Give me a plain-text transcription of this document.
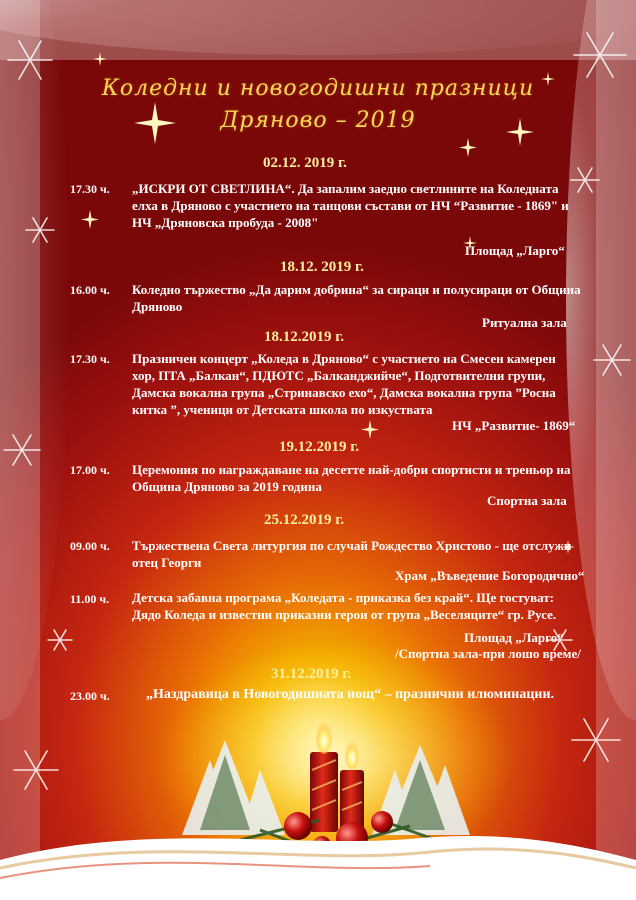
Коледни и новогодишни празници
Дряново – 2019
02.12. 2019 г.
17.30 ч. „ИСКРИ ОТ СВЕТЛИНА“. Да запалим заедно светлините на Коледната елха в Дряново с участието на танцови състави от НЧ “Развитие - 1869" и НЧ „Дряновска пробуда - 2008"
Площад „Ларго“
18.12. 2019 г.
16.00 ч. Коледно тържество „Да дарим добрина“ за сираци и полусираци от Община Дряново
Ритуална зала
18.12.2019 г.
17.30 ч. Празничен концерт „Коледа в Дряново“ с участието на Смесен камерен хор, ПТА „Балкан“, ПДЮТС „Балканджийче“, Подготвителни групи, Дамска вокална група „Стринавско ехо“, Дамска вокална група ”Росна китка ”, ученици от Детската школа по изкуствата
НЧ „Развитие- 1869“
19.12.2019 г.
17.00 ч. Церемония по награждаване на десетте най-добри спортисти и треньор на Община Дряново за 2019 година
Спортна зала
25.12.2019 г.
09.00 ч. Тържествена Света литургия по случай Рождество Христово - ще отслужи отец Георги
Храм „Въведение Богородично“
11.00 ч. Детска забавна програма „Коледата - приказка без край“. Ще гостуват: Дядо Коледа и известни приказни герои от група „Веселяците“ гр. Русе.
Площад „Ларго“
/Спортна зала-при лошо време/
31.12.2019 г.
23.00 ч.	„Наздравица в Новогодишната нощ“ – празнични илюминации.
